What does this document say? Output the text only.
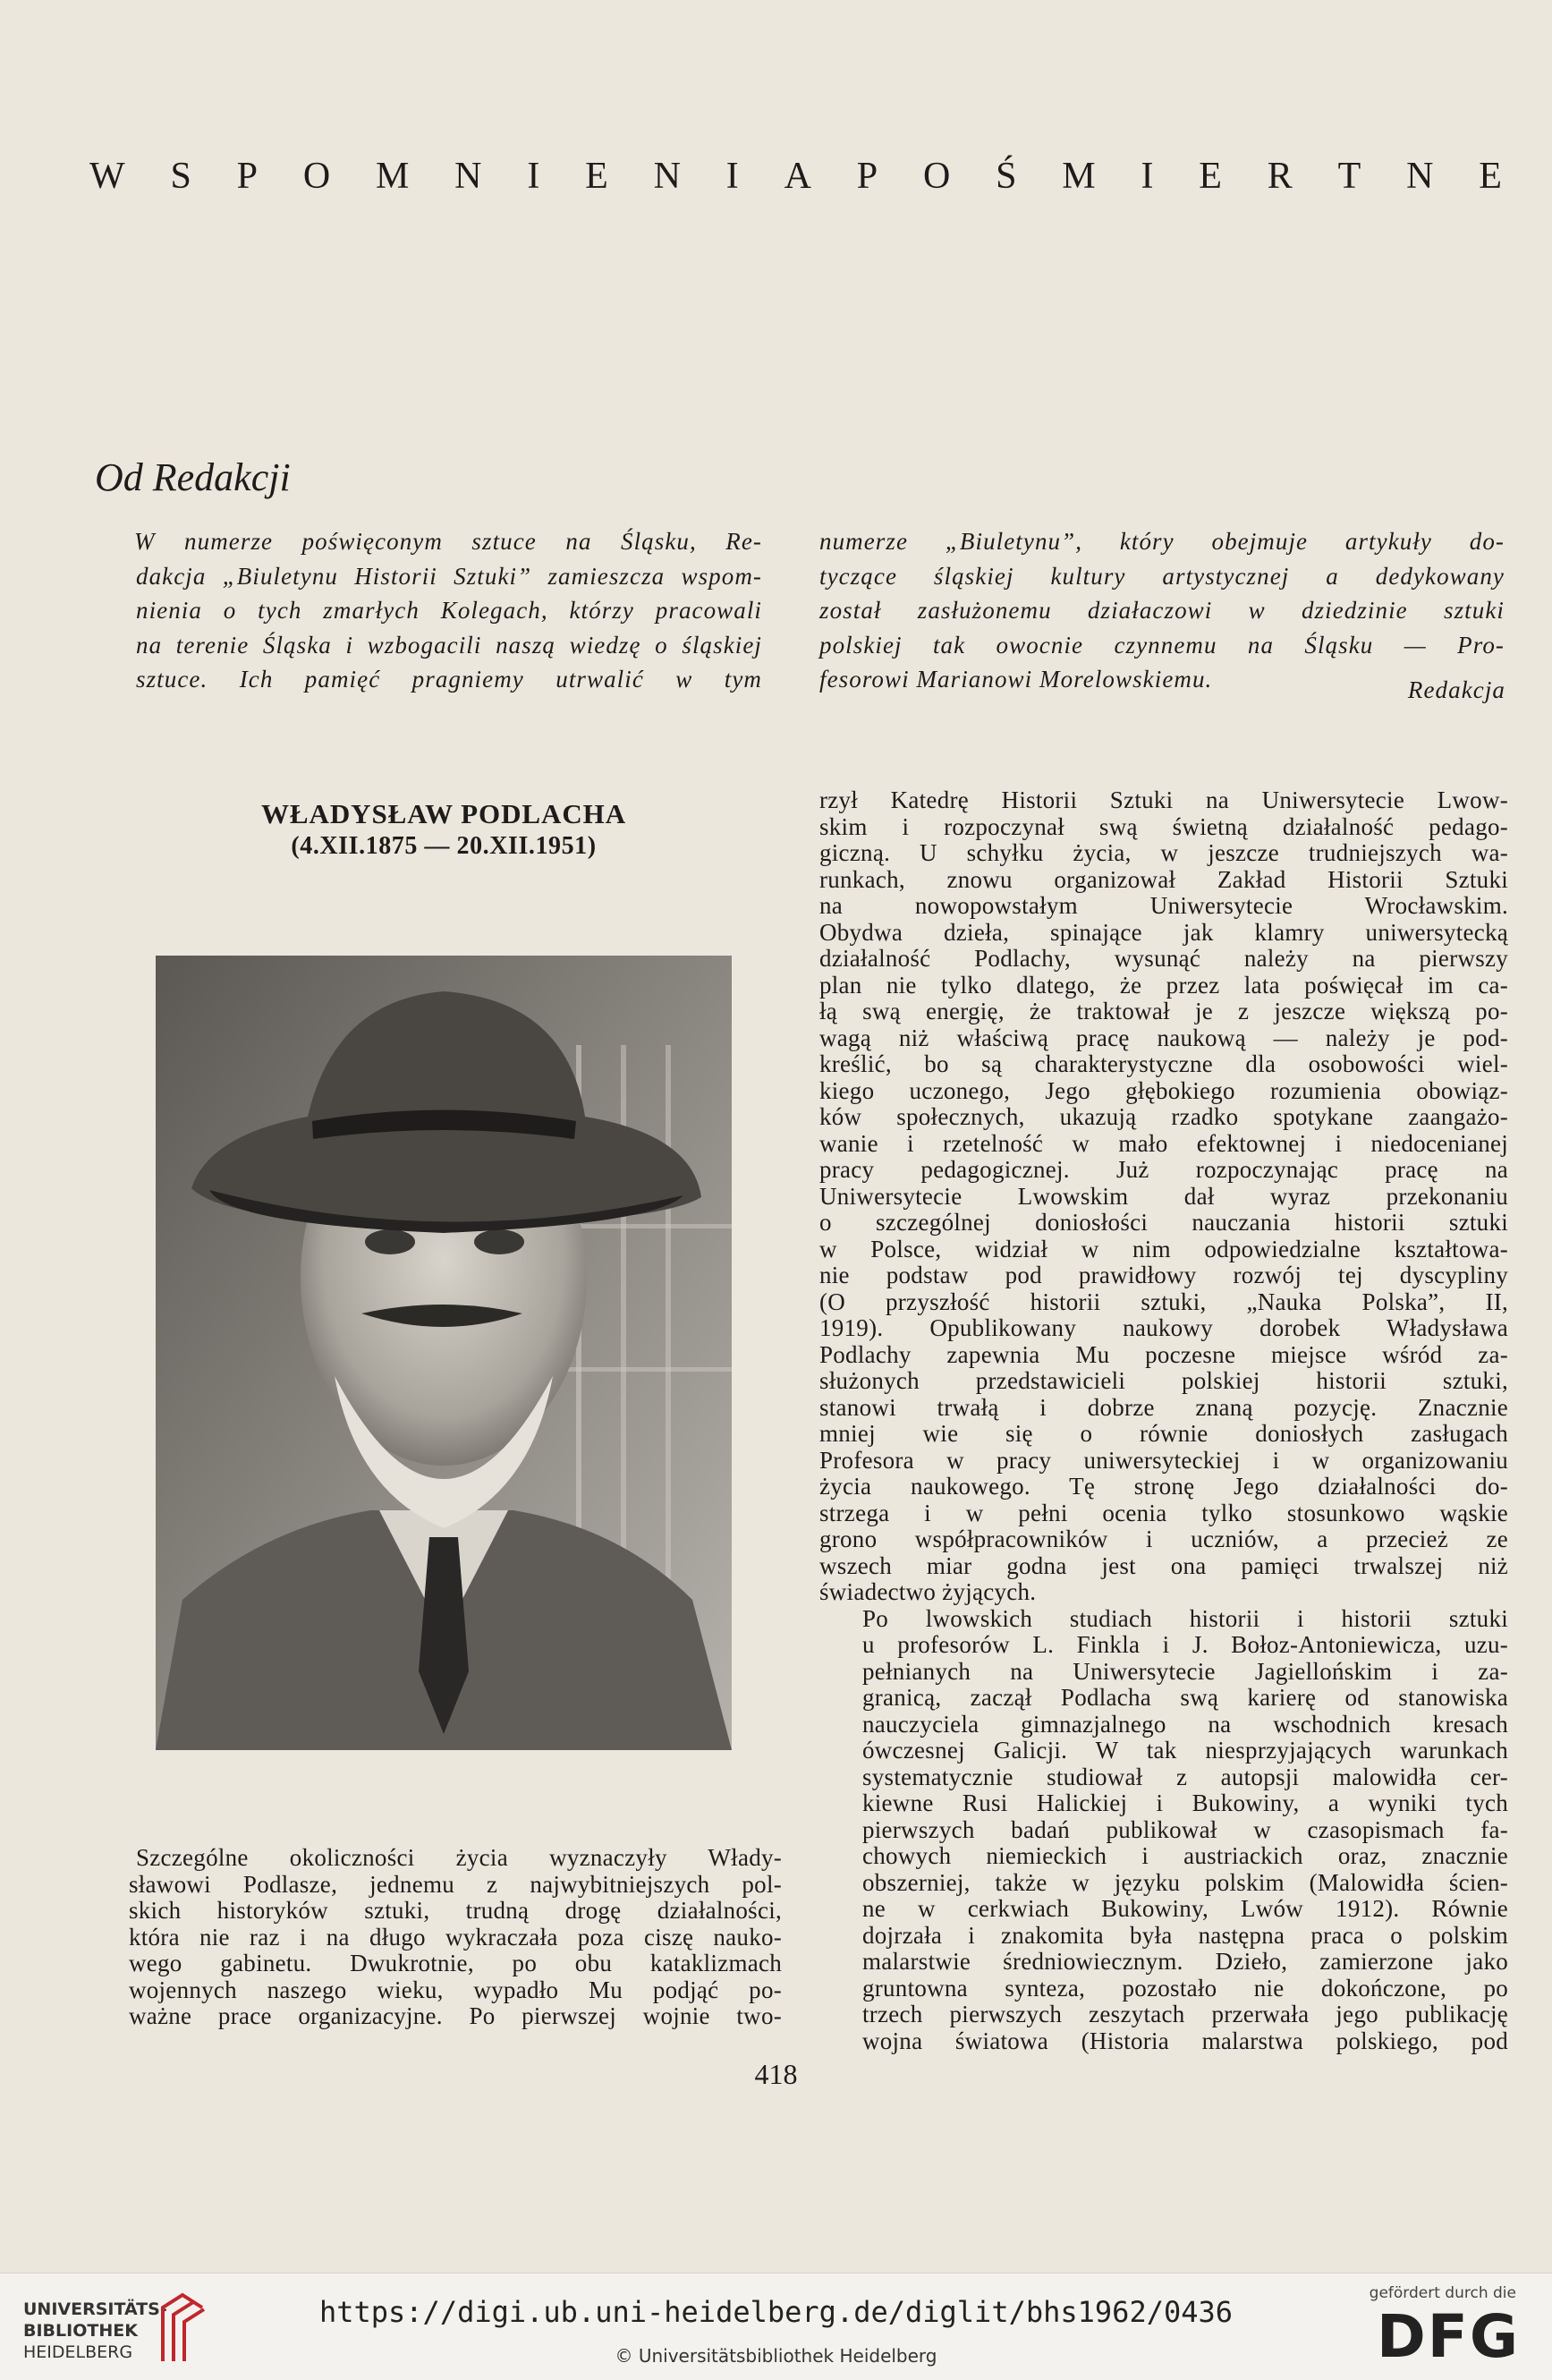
W S P O M N I E N I A P O Ś M I E R T N E
Od Redakcji

W numerze poświęconym sztuce na Śląsku, Re-
dakcja „Biuletynu Historii Sztuki” zamieszcza wspom-
nienia o tych zmarłych Kolegach, którzy pracowali
na terenie Śląska i wzbogacili naszą wiedzę o śląskiej
sztuce. Ich pamięć pragniemy utrwalić w tym

numerze „Biuletynu”, który obejmuje artykuły do-
tyczące śląskiej kultury artystycznej a dedykowany
został zasłużonemu działaczowi w dziedzinie sztuki
polskiej tak owocnie czynnemu na Śląsku — Pro-
fesorowi Marianowi Morelowskiemu.	Redakcja
WŁADYSŁAW PODLACHA
(4.XII.1875 — 20.XII.1951)

Szczególne okoliczności życia wyznaczyły Włady-
sławowi Podlasze, jednemu z najwybitniejszych pol-
skich historyków sztuki, trudną drogę działalności,
która nie raz i na długo wykraczała poza ciszę nauko-
wego gabinetu. Dwukrotnie, po obu kataklizmach
wojennych naszego wieku, wypadło Mu podjąć po-
ważne prace organizacyjne. Po pierwszej wojnie two-

rzył Katedrę Historii Sztuki na Uniwersytecie Lwow-
skim i rozpoczynał swą świetną działalność pedago-
giczną. U schyłku życia, w jeszcze trudniejszych wa-
runkach, znowu organizował Zakład Historii Sztuki
na nowopowstałym Uniwersytecie Wrocławskim.
Obydwa dzieła, spinające jak klamry uniwersytecką
działalność Podlachy, wysunąć należy na pierwszy
plan nie tylko dlatego, że przez lata poświęcał im ca-
łą swą energię, że traktował je z jeszcze większą po-
wagą niż właściwą pracę naukową — należy je pod-
kreślić, bo są charakterystyczne dla osobowości wiel-
kiego uczonego, Jego głębokiego rozumienia obowiąz-
ków społecznych, ukazują rzadko spotykane zaangażo-
wanie i rzetelność w mało efektownej i niedocenianej
pracy pedagogicznej. Już rozpoczynając pracę na
Uniwersytecie Lwowskim dał wyraz przekonaniu
o szczególnej doniosłości nauczania historii sztuki
w Polsce, widział w nim odpowiedzialne kształtowa-
nie podstaw pod prawidłowy rozwój tej dyscypliny
(O przyszłość historii sztuki, „Nauka Polska”, II,
1919). Opublikowany naukowy dorobek Władysława
Podlachy zapewnia Mu poczesne miejsce wśród za-
służonych przedstawicieli polskiej historii sztuki,
stanowi trwałą i dobrze znaną pozycję. Znacznie
mniej wie się o równie doniosłych zasługach
Profesora w pracy uniwersyteckiej i w organizowaniu
życia naukowego. Tę stronę Jego działalności do-
strzega i w pełni ocenia tylko stosunkowo wąskie
grono współpracowników i uczniów, a przecież ze
wszech miar godna jest ona pamięci trwalszej niż
świadectwo żyjących.

Po lwowskich studiach historii i historii sztuki
u profesorów L. Finkla i J. Bołoz-Antoniewicza, uzu-
pełnianych na Uniwersytecie Jagiellońskim i za-
granicą, zaczął Podlacha swą karierę od stanowiska
nauczyciela gimnazjalnego na wschodnich kresach
ówczesnej Galicji. W tak niesprzyjających warunkach
systematycznie studiował z autopsji malowidła cer-
kiewne Rusi Halickiej i Bukowiny, a wyniki tych
pierwszych badań publikował w czasopismach fa-
chowych niemieckich i austriackich oraz, znacznie
obszerniej, także w języku polskim (Malowidła ścien-
ne w cerkwiach Bukowiny, Lwów 1912). Równie
dojrzała i znakomita była następna praca o polskim
malarstwie średniowiecznym. Dzieło, zamierzone jako
gruntowna synteza, pozostało nie dokończone, po
trzech pierwszych zeszytach przerwała jego publikację
wojna światowa (Historia malarstwa polskiego, pod

418
UNIVERSITÄTS-
BIBLIOTHEK
HEIDELBERG
https://digi.ub.uni-heidelberg.de/diglit/bhs1962/0436
© Universitätsbibliothek Heidelberg
gefördert durch die
DFG
